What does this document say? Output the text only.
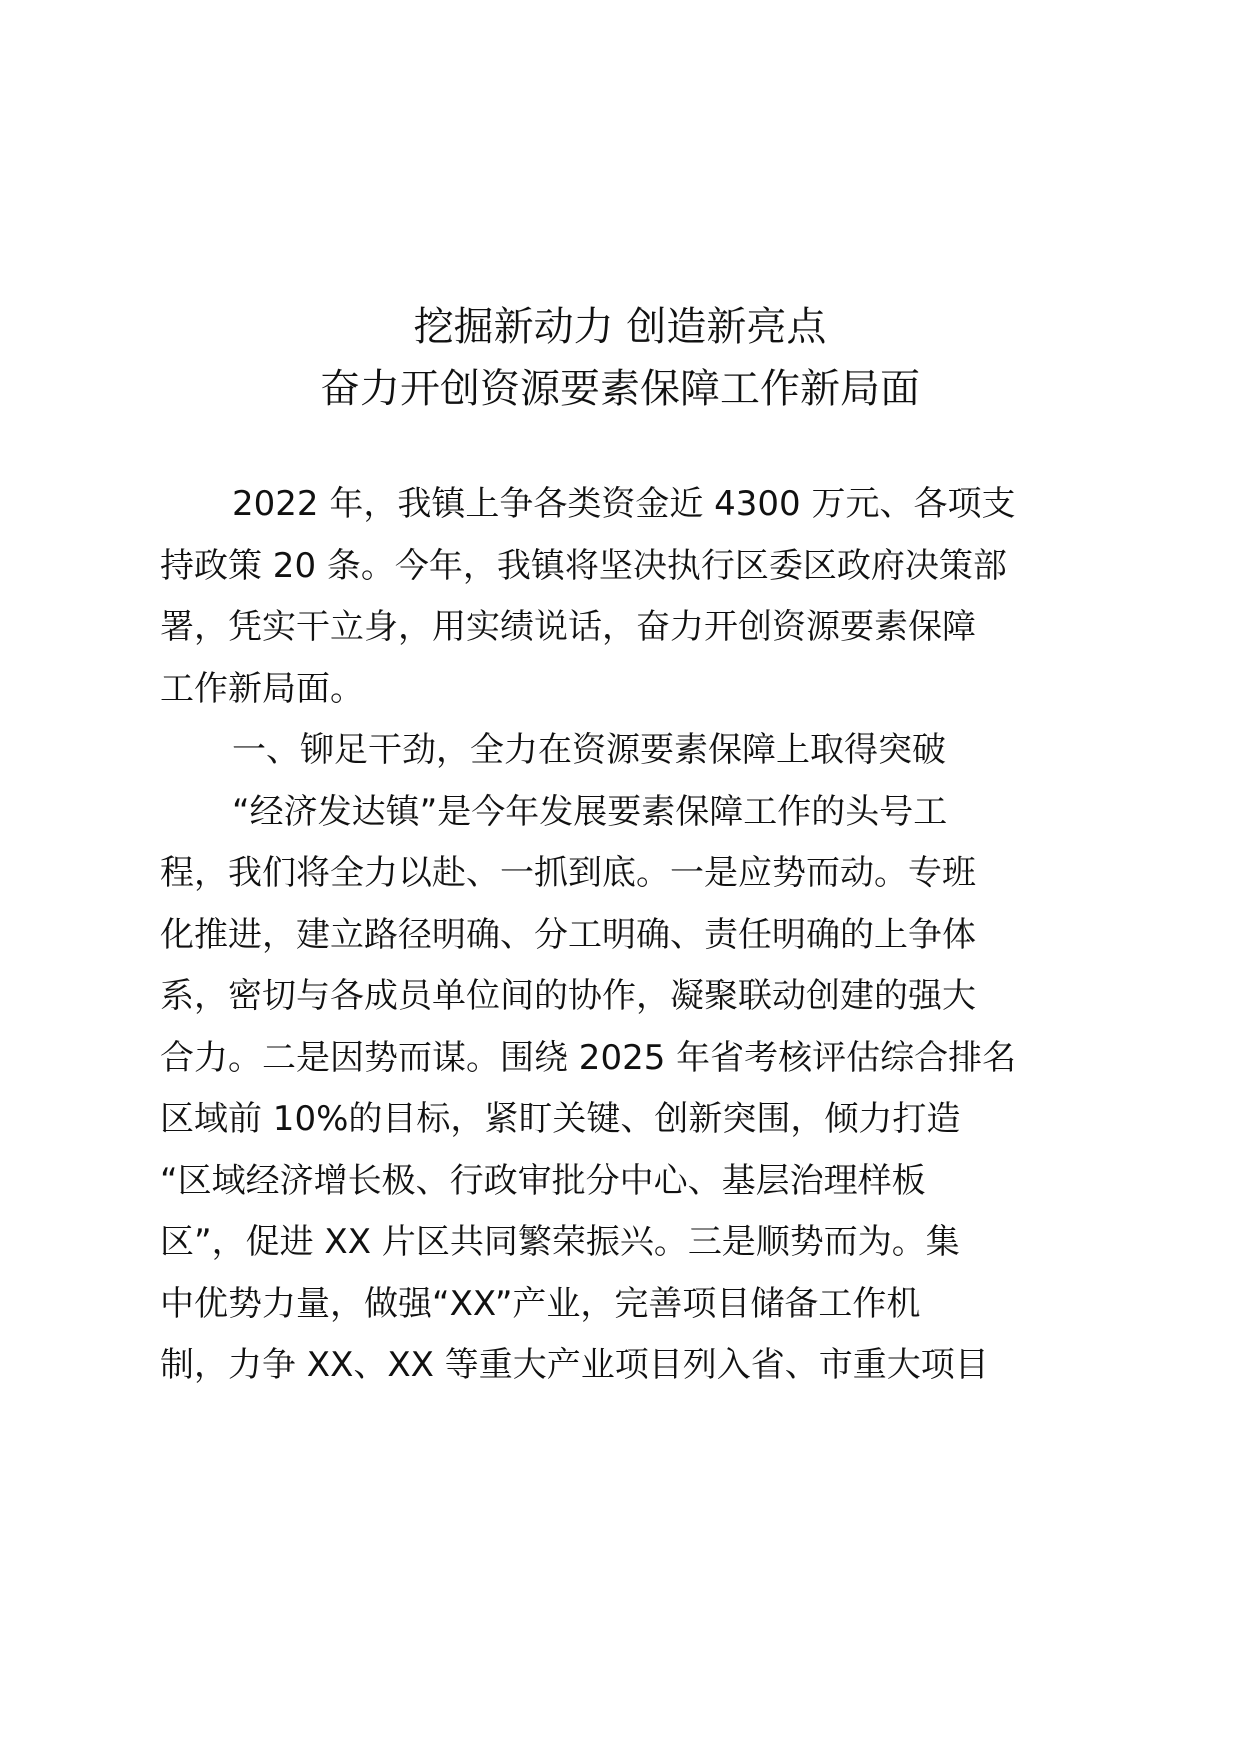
挖掘新动力 创造新亮点
奋力开创资源要素保障工作新局面
2022 年，我镇上争各类资金近 4300 万元、各项支
持政策 20 条。今年，我镇将坚决执行区委区政府决策部
署，凭实干立身，用实绩说话，奋力开创资源要素保障
工作新局面。
一、铆足干劲，全力在资源要素保障上取得突破
“经济发达镇”是今年发展要素保障工作的头号工
程，我们将全力以赴、一抓到底。一是应势而动。专班
化推进，建立路径明确、分工明确、责任明确的上争体
系，密切与各成员单位间的协作，凝聚联动创建的强大
合力。二是因势而谋。围绕 2025 年省考核评估综合排名
区域前 10%的目标，紧盯关键、创新突围，倾力打造
“区域经济增长极、行政审批分中心、基层治理样板
区”，促进 XX 片区共同繁荣振兴。三是顺势而为。集
中优势力量，做强“XX”产业，完善项目储备工作机
制，力争 XX、XX 等重大产业项目列入省、市重大项目
